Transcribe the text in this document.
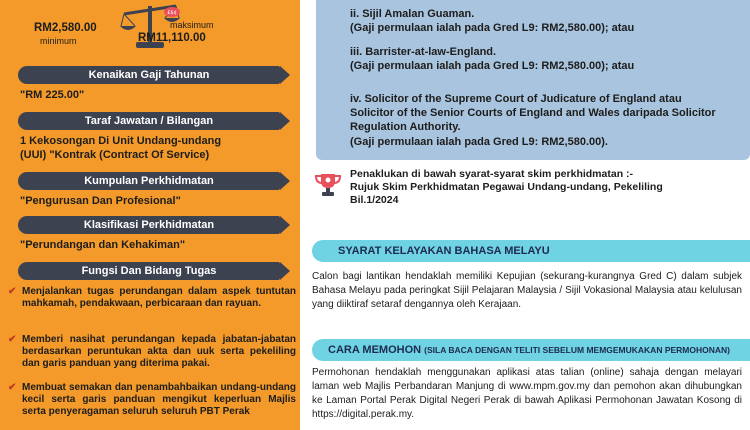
£$¢
RM2,580.00
minimum
maksimum
RM11,110.00
Kenaikan Gaji Tahunan
"RM 225.00"
Taraf Jawatan / Bilangan
1 Kekosongan Di Unit Undang-undang
(UUI) "Kontrak (Contract Of Service)
Kumpulan Perkhidmatan
"Pengurusan Dan Profesional"
Klasifikasi Perkhidmatan
"Perundangan dan Kehakiman"
Fungsi Dan Bidang Tugas
✔ Menjalankan tugas perundangan dalam aspek tuntutan mahkamah, pendakwaan, perbicaraan dan rayuan.
✔ Memberi nasihat perundangan kepada jabatan-jabatan berdasarkan peruntukan akta dan uuk serta pekeliling dan garis panduan yang diterima pakai.
✔ Membuat semakan dan penambahbaikan undang-undang kecil serta garis panduan mengikut keperluan Majlis serta penyeragaman seluruh seluruh PBT Perak
ii. Sijil Amalan Guaman.
(Gaji permulaan ialah pada Gred L9: RM2,580.00); atau
iii. Barrister-at-law-England.
(Gaji permulaan ialah pada Gred L9: RM2,580.00); atau
iv. Solicitor of the Supreme Court of Judicature of England atau
Solicitor of the Senior Courts of England and Wales daripada Solicitor
Regulation Authority.
(Gaji permulaan ialah pada Gred L9: RM2,580.00).
Penaklukan di bawah syarat-syarat skim perkhidmatan :-
Rujuk Skim Perkhidmatan Pegawai Undang-undang, Pekeliling
Bil.1/2024
SYARAT KELAYAKAN BAHASA MELAYU
Calon bagi lantikan hendaklah memiliki Kepujian (sekurang-kurangnya Gred C) dalam subjek Bahasa Melayu pada peringkat Sijil Pelajaran Malaysia / Sijil Vokasional Malaysia atau kelulusan yang diiktiraf setaraf dengannya oleh Kerajaan.
CARA MEMOHON (SILA BACA DENGAN TELITI SEBELUM MEMGEMUKAKAN PERMOHONAN)
Permohonan hendaklah menggunakan aplikasi atas talian (online) sahaja dengan melayari laman web Majlis Perbandaran Manjung di www.mpm.gov.my dan pemohon akan dihubungkan ke Laman Portal Perak Digital Negeri Perak di bawah Aplikasi Permohonan Jawatan Kosong di https://digital.perak.my.
